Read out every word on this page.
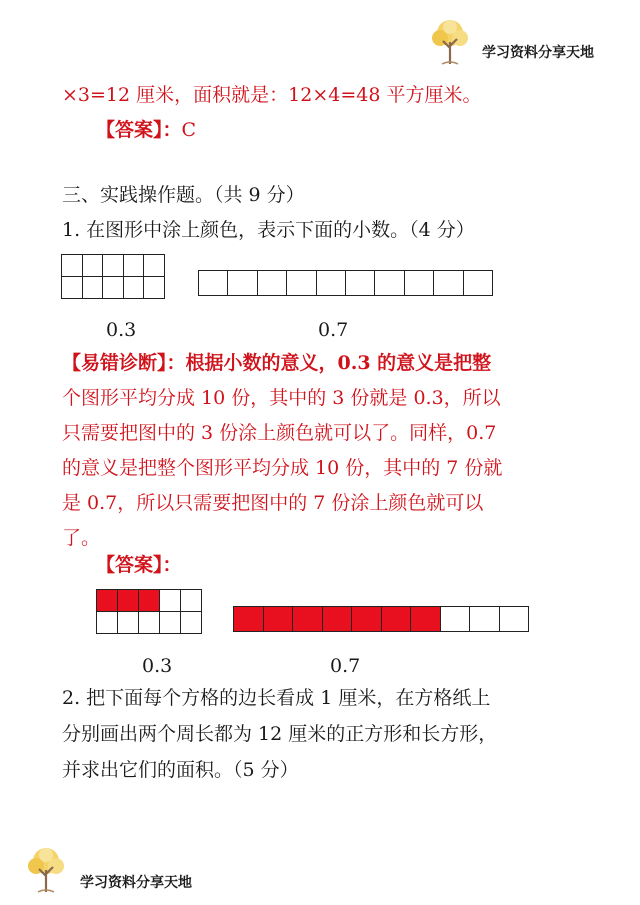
学习资料分享天地
×3=12 厘米，面积就是：12×4=48 平方厘米。
【答案】：C
三、实践操作题。（共 9 分）
1. 在图形中涂上颜色，表示下面的小数。（4 分）
0.3	0.7
【易错诊断】：根据小数的意义，0.3 的意义是把整
个图形平均分成 10 份，其中的 3 份就是 0.3，所以
只需要把图中的 3 份涂上颜色就可以了。同样，0.7
的意义是把整个图形平均分成 10 份，其中的 7 份就
是 0.7，所以只需要把图中的 7 份涂上颜色就可以
了。
【答案】：
0.3	0.7
2. 把下面每个方格的边长看成 1 厘米，在方格纸上
分别画出两个周长都为 12 厘米的正方形和长方形，
并求出它们的面积。（5 分）
学习资料分享天地
